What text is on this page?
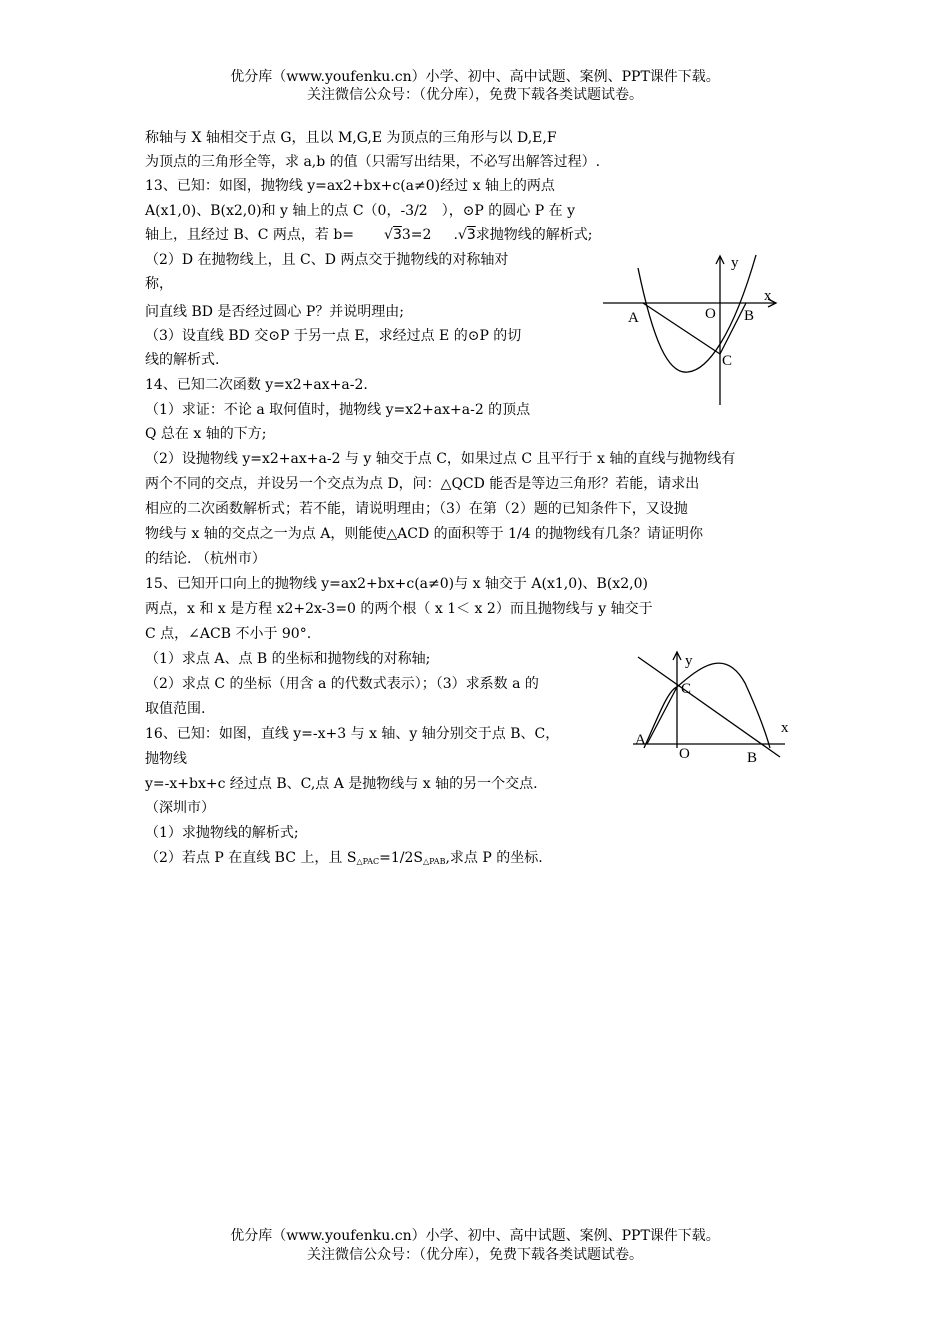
优分库（www.youfenku.cn）小学、初中、高中试题、案例、PPT课件下载。
关注微信公众号：（优分库），免费下载各类试题试卷。
称轴与 X 轴相交于点 G，且以 M,G,E 为顶点的三角形与以 D,E,F
为顶点的三角形全等，求 a,b 的值（只需写出结果，不必写出解答过程）.
13、已知：如图，抛物线 y=ax2+bx+c(a≠0)经过 x 轴上的两点
A(x1,0)、B(x2,0)和 y 轴上的点 C（0，-3/2　），⊙P 的圆心 P 在 y
轴上，且经过 B、C 两点，若 b= √33=2 .√3求抛物线的解析式;
（2）D 在抛物线上，且 C、D 两点交于抛物线的对称轴对
称，
问直线 BD 是否经过圆心 P？并说明理由;
（3）设直线 BD 交⊙P 于另一点 E，求经过点 E 的⊙P 的切
线的解析式.
14、已知二次函数 y=x2+ax+a-2.
（1）求证：不论 a 取何值时，抛物线 y=x2+ax+a-2 的顶点
Q 总在 x 轴的下方;
（2）设抛物线 y=x2+ax+a-2 与 y 轴交于点 C，如果过点 C 且平行于 x 轴的直线与抛物线有
两个不同的交点，并设另一个交点为点 D，问：△QCD 能否是等边三角形？若能，请求出
相应的二次函数解析式；若不能，请说明理由；（3）在第（2）题的已知条件下，又设抛
物线与 x 轴的交点之一为点 A，则能使△ACD 的面积等于 1/4 的抛物线有几条？请证明你
的结论. （杭州市）
15、已知开口向上的抛物线 y=ax2+bx+c(a≠0)与 x 轴交于 A(x1,0)、B(x2,0)
两点，x 和 x 是方程 x2+2x-3=0 的两个根（ x 1＜ x 2）而且抛物线与 y 轴交于
C 点，∠ACB 不小于 90°.
（1）求点 A、点 B 的坐标和抛物线的对称轴;
（2）求点 C 的坐标（用含 a 的代数式表示）；（3）求系数 a 的
取值范围.
16、已知：如图，直线 y=-x+3 与 x 轴、y 轴分别交于点 B、C，
抛物线
y=-x+bx+c 经过点 B、C,点 A 是抛物线与 x 轴的另一个交点.
（深圳市）
（1）求抛物线的解析式;
（2）若点 P 在直线 BC 上，且 $S_{\triangle PAC}=1/2S_{\triangle PAB}$,求点 P 的坐标.
y
x
A	O B
C
y
x
A
O	B
C
优分库（www.youfenku.cn）小学、初中、高中试题、案例、PPT课件下载。
关注微信公众号：（优分库），免费下载各类试题试卷。
